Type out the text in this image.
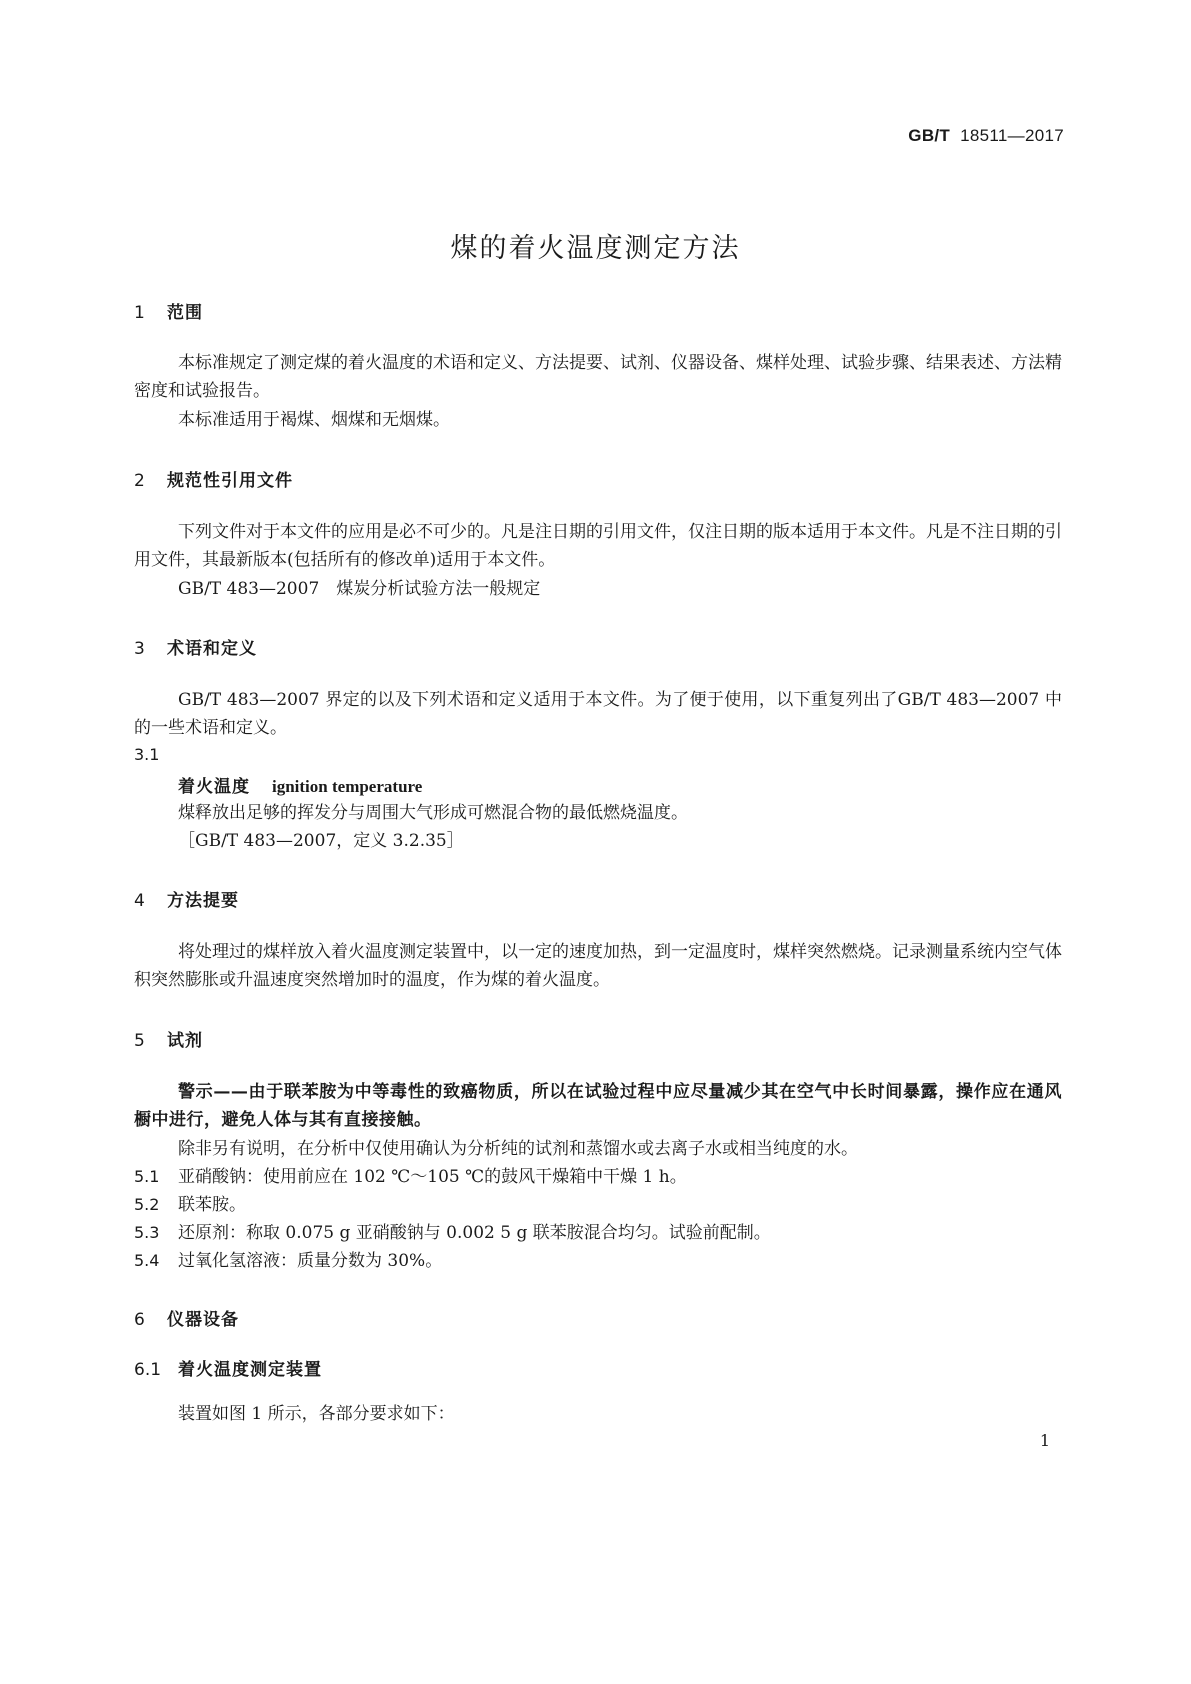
GB/T 18511—2017
煤的着火温度测定方法
1 范围
本标准规定了测定煤的着火温度的术语和定义、方法提要、试剂、仪器设备、煤样处理、试验步骤、结果表述、方法精密度和试验报告。
本标准适用于褐煤、烟煤和无烟煤。
2 规范性引用文件
下列文件对于本文件的应用是必不可少的。凡是注日期的引用文件，仅注日期的版本适用于本文件。凡是不注日期的引用文件，其最新版本(包括所有的修改单)适用于本文件。
GB/T 483—2007　煤炭分析试验方法一般规定
3 术语和定义
GB/T 483—2007 界定的以及下列术语和定义适用于本文件。为了便于使用，以下重复列出了GB/T 483—2007 中的一些术语和定义。
3.1
着火温度 ignition temperature
煤释放出足够的挥发分与周围大气形成可燃混合物的最低燃烧温度。
［GB/T 483—2007，定义 3.2.35］
4 方法提要
将处理过的煤样放入着火温度测定装置中，以一定的速度加热，到一定温度时，煤样突然燃烧。记录测量系统内空气体积突然膨胀或升温速度突然增加时的温度，作为煤的着火温度。
5 试剂
警示——由于联苯胺为中等毒性的致癌物质，所以在试验过程中应尽量减少其在空气中长时间暴露，操作应在通风橱中进行，避免人体与其有直接接触。
除非另有说明，在分析中仅使用确认为分析纯的试剂和蒸馏水或去离子水或相当纯度的水。
5.1 亚硝酸钠：使用前应在 102 ℃～105 ℃的鼓风干燥箱中干燥 1 h。
5.2 联苯胺。
5.3 还原剂：称取 0.075 g 亚硝酸钠与 0.002 5 g 联苯胺混合均匀。试验前配制。
5.4 过氧化氢溶液：质量分数为 30%。
6 仪器设备
6.1 着火温度测定装置
装置如图 1 所示，各部分要求如下：
1
